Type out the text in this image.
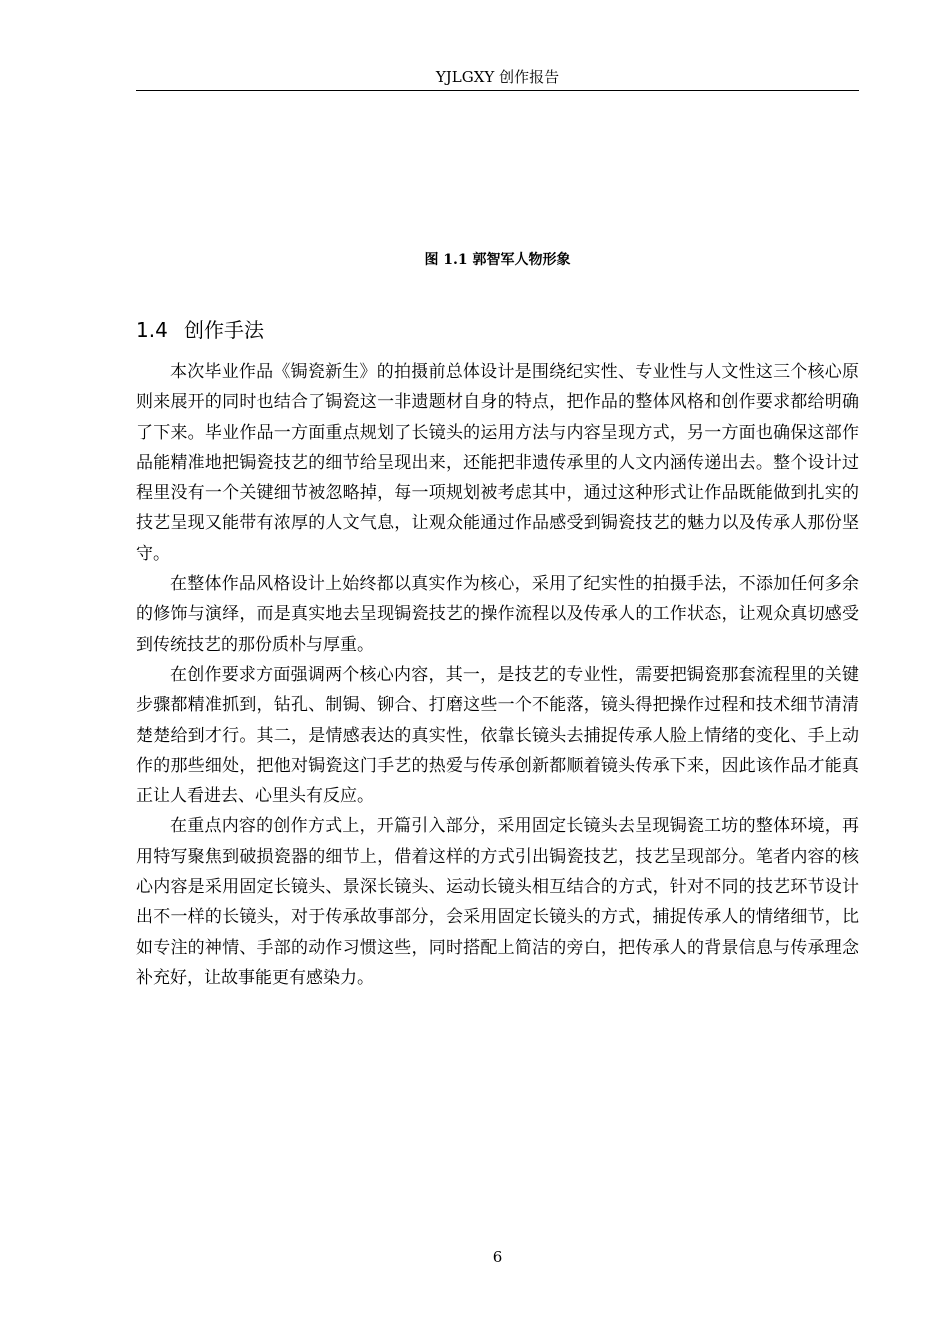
YJLGXY 创作报告
图 1.1 郭智军人物形象
1.4 创作手法

本次毕业作品《锔瓷新生》的拍摄前总体设计是围绕纪实性、专业性与人文性这三个核心原则来展开的同时也结合了锔瓷这一非遗题材自身的特点，把作品的整体风格和创作要求都给明确了下来。毕业作品一方面重点规划了长镜头的运用方法与内容呈现方式，另一方面也确保这部作品能精准地把锔瓷技艺的细节给呈现出来，还能把非遗传承里的人文内涵传递出去。整个设计过程里没有一个关键细节被忽略掉，每一项规划被考虑其中，通过这种形式让作品既能做到扎实的技艺呈现又能带有浓厚的人文气息，让观众能通过作品感受到锔瓷技艺的魅力以及传承人那份坚守。

在整体作品风格设计上始终都以真实作为核心，采用了纪实性的拍摄手法，不添加任何多余的修饰与演绎，而是真实地去呈现锔瓷技艺的操作流程以及传承人的工作状态，让观众真切感受到传统技艺的那份质朴与厚重。

在创作要求方面强调两个核心内容，其一，是技艺的专业性，需要把锔瓷那套流程里的关键步骤都精准抓到，钻孔、制锔、铆合、打磨这些一个不能落，镜头得把操作过程和技术细节清清楚楚给到才行。其二，是情感表达的真实性，依靠长镜头去捕捉传承人脸上情绪的变化、手上动作的那些细处，把他对锔瓷这门手艺的热爱与传承创新都顺着镜头传承下来，因此该作品才能真正让人看进去、心里头有反应。

在重点内容的创作方式上，开篇引入部分，采用固定长镜头去呈现锔瓷工坊的整体环境，再用特写聚焦到破损瓷器的细节上，借着这样的方式引出锔瓷技艺，技艺呈现部分。笔者内容的核心内容是采用固定长镜头、景深长镜头、运动长镜头相互结合的方式，针对不同的技艺环节设计出不一样的长镜头，对于传承故事部分，会采用固定长镜头的方式，捕捉传承人的情绪细节，比如专注的神情、手部的动作习惯这些，同时搭配上简洁的旁白，把传承人的背景信息与传承理念补充好，让故事能更有感染力。

6
